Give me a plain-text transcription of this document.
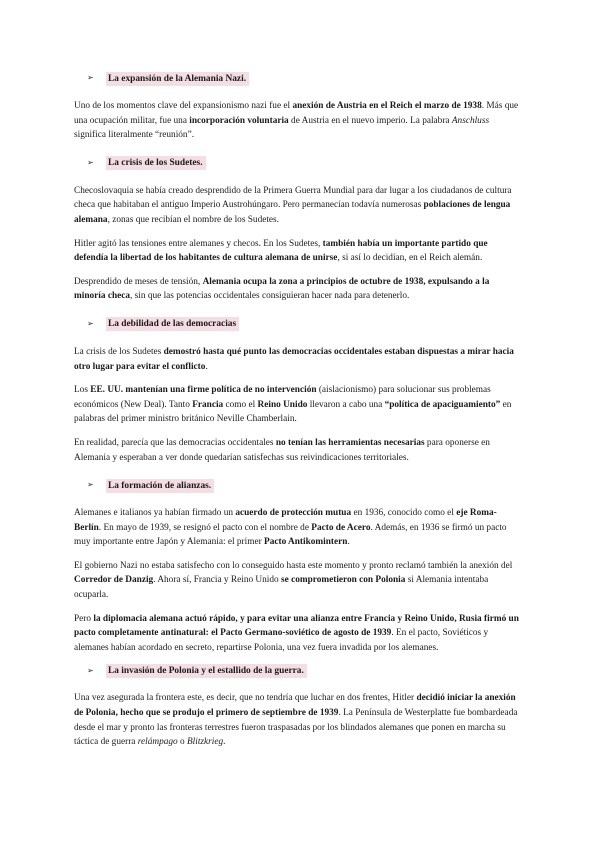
➢	La expansión de la Alemania Nazi.

Uno de los momentos clave del expansionismo nazi fue el anexión de Austria en el Reich el marzo de 1938. Más que una ocupación militar, fue una incorporación voluntaria de Austria en el nuevo imperio. La palabra Anschluss significa literalmente “reunión”.

➢	La crisis de los Sudetes.

Checoslovaquia se había creado desprendido de la Primera Guerra Mundial para dar lugar a los ciudadanos de cultura checa que habitaban el antiguo Imperio Austrohúngaro. Pero permanecían todavía numerosas poblaciones de lengua alemana, zonas que recibían el nombre de los Sudetes.

Hitler agitó las tensiones entre alemanes y checos. En los Sudetes, también había un importante partido que defendía la libertad de los habitantes de cultura alemana de unirse, si así lo decidían, en el Reich alemán.

Desprendido de meses de tensión, Alemania ocupa la zona a principios de octubre de 1938, expulsando a la minoría checa, sin que las potencias occidentales consiguieran hacer nada para detenerlo.

➢	La debilidad de las democracias

La crisis de los Sudetes demostró hasta qué punto las democracias occidentales estaban dispuestas a mirar hacia otro lugar para evitar el conflicto.

Los EE. UU. mantenían una firme política de no intervención (aislacionismo) para solucionar sus problemas económicos (New Deal). Tanto Francia como el Reino Unido llevaron a cabo una “política de apaciguamiento” en palabras del primer ministro británico Neville Chamberlain.

En realidad, parecía que las democracias occidentales no tenían las herramientas necesarias para oponerse en Alemania y esperaban a ver donde quedarían satisfechas sus reivindicaciones territoriales.

➢	La formación de alianzas.

Alemanes e italianos ya habían firmado un acuerdo de protección mutua en 1936, conocido como el eje Roma-Berlín. En mayo de 1939, se resignó el pacto con el nombre de Pacto de Acero. Además, en 1936 se firmó un pacto muy importante entre Japón y Alemania: el primer Pacto Antikomintern.

El gobierno Nazi no estaba satisfecho con lo conseguido hasta este momento y pronto reclamó también la anexión del Corredor de Danzig. Ahora sí, Francia y Reino Unido se comprometieron con Polonia si Alemania intentaba ocuparla.

Pero la diplomacia alemana actuó rápido, y para evitar una alianza entre Francia y Reino Unido, Rusia firmó un pacto completamente antinatural: el Pacto Germano-soviético de agosto de 1939. En el pacto, Soviéticos y alemanes habían acordado en secreto, repartirse Polonia, una vez fuera invadida por los alemanes.

➢	La invasión de Polonia y el estallido de la guerra.

Una vez asegurada la frontera este, es decir, que no tendría que luchar en dos frentes, Hitler decidió iniciar la anexión de Polonia, hecho que se produjo el primero de septiembre de 1939. La Península de Westerplatte fue bombardeada desde el mar y pronto las fronteras terrestres fueron traspasadas por los blindados alemanes que ponen en marcha su táctica de guerra relámpago o Blitzkrieg.
